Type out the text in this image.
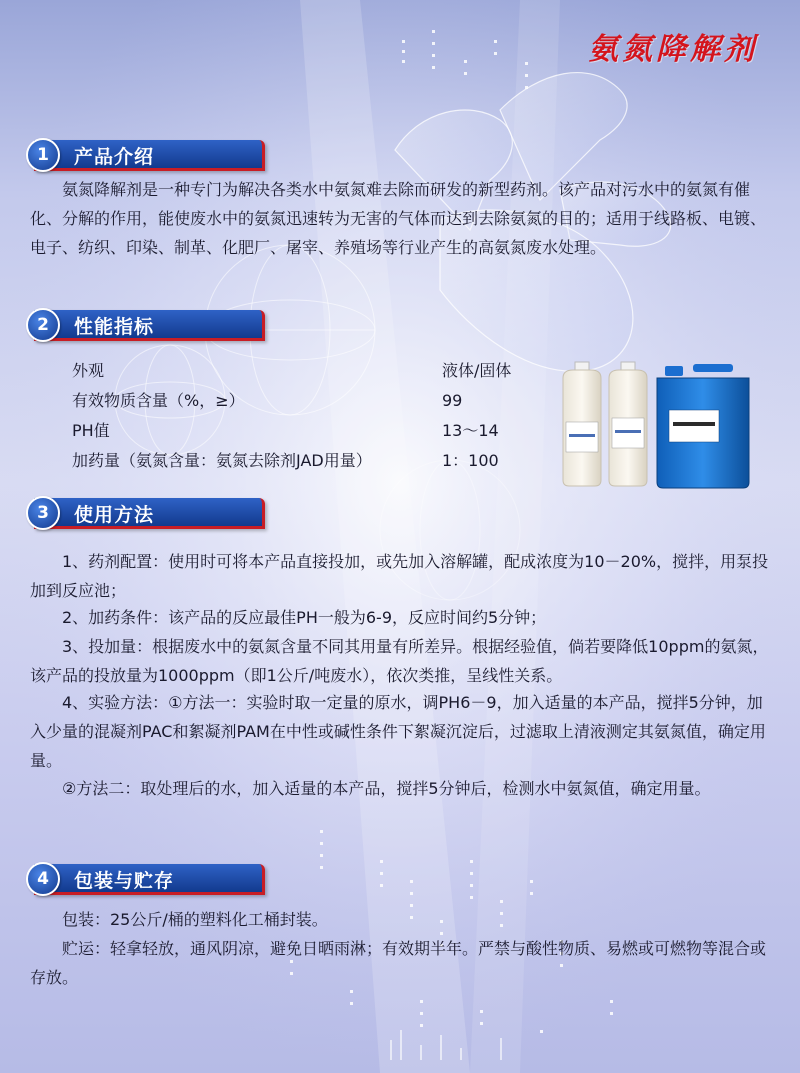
氨氮降解剂
1	产品介绍

氨氮降解剂是一种专门为解决各类水中氨氮难去除而研发的新型药剂。该产品对污水中的氨氮有催化、分解的作用，能使废水中的氨氮迅速转为无害的气体而达到去除氨氮的目的；适用于线路板、电镀、电子、纺织、印染、制革、化肥厂、屠宰、养殖场等行业产生的高氨氮废水处理。

2	性能指标
外观	液体/固体
有效物质含量（%，≥）	99
PH值	13～14
加药量（氨氮含量：氨氮去除剂JAD用量）	1：100
3	使用方法

1、药剂配置：使用时可将本产品直接投加，或先加入溶解罐，配成浓度为10－20%，搅拌，用泵投加到反应池；

2、加药条件：该产品的反应最佳PH一般为6-9，反应时间约5分钟；

3、投加量：根据废水中的氨氮含量不同其用量有所差异。根据经验值，倘若要降低10ppm的氨氮，该产品的投放量为1000ppm（即1公斤/吨废水），依次类推，呈线性关系。

4、实验方法：①方法一：实验时取一定量的原水，调PH6－9，加入适量的本产品，搅拌5分钟，加入少量的混凝剂PAC和絮凝剂PAM在中性或碱性条件下絮凝沉淀后，过滤取上清液测定其氨氮值，确定用量。

②方法二：取处理后的水，加入适量的本产品，搅拌5分钟后，检测水中氨氮值，确定用量。

4	包装与贮存

包装：25公斤/桶的塑料化工桶封装。

贮运：轻拿轻放，通风阴凉，避免日晒雨淋；有效期半年。严禁与酸性物质、易燃或可燃物等混合或存放。
